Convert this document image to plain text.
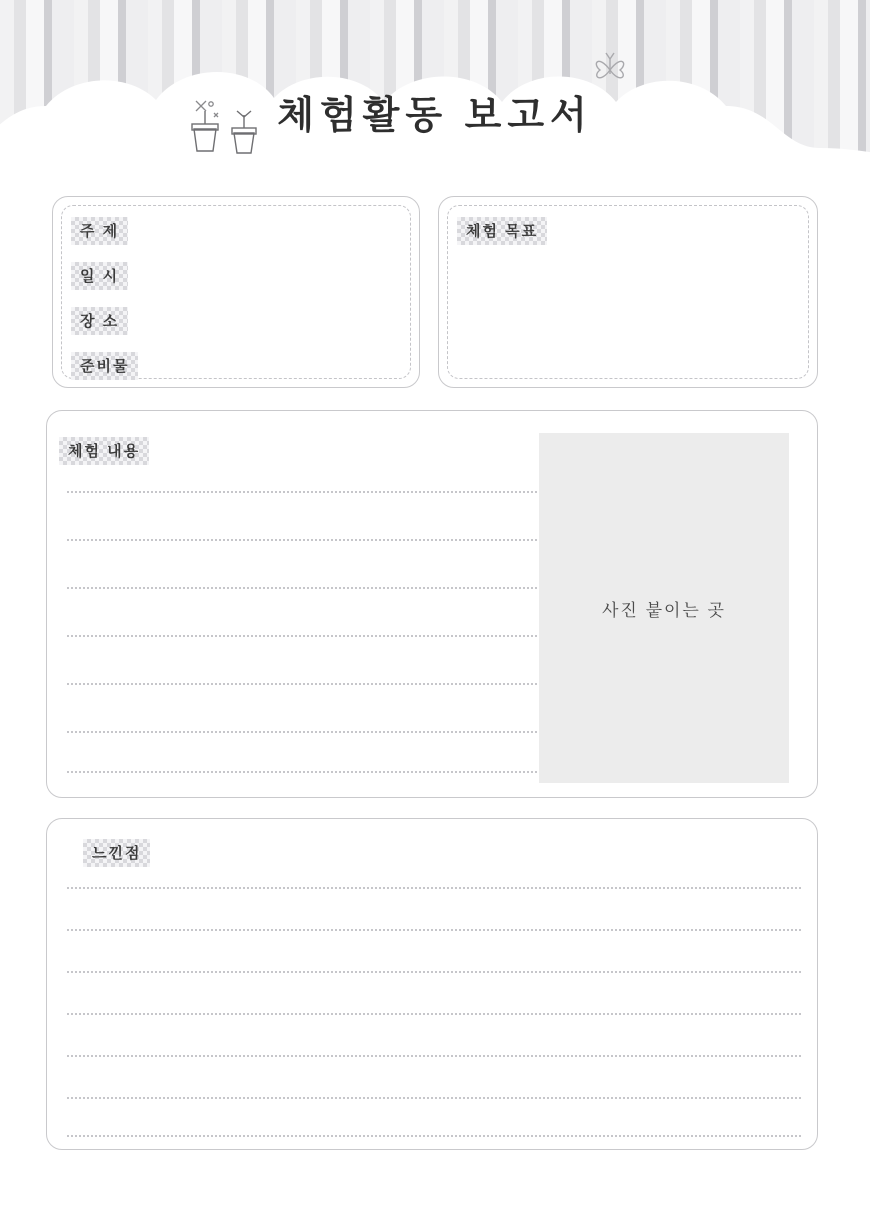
체험활동 보고서
주 제
일 시
장 소
준비물
체험 목표
체험 내용
사진 붙이는 곳
느낀점
